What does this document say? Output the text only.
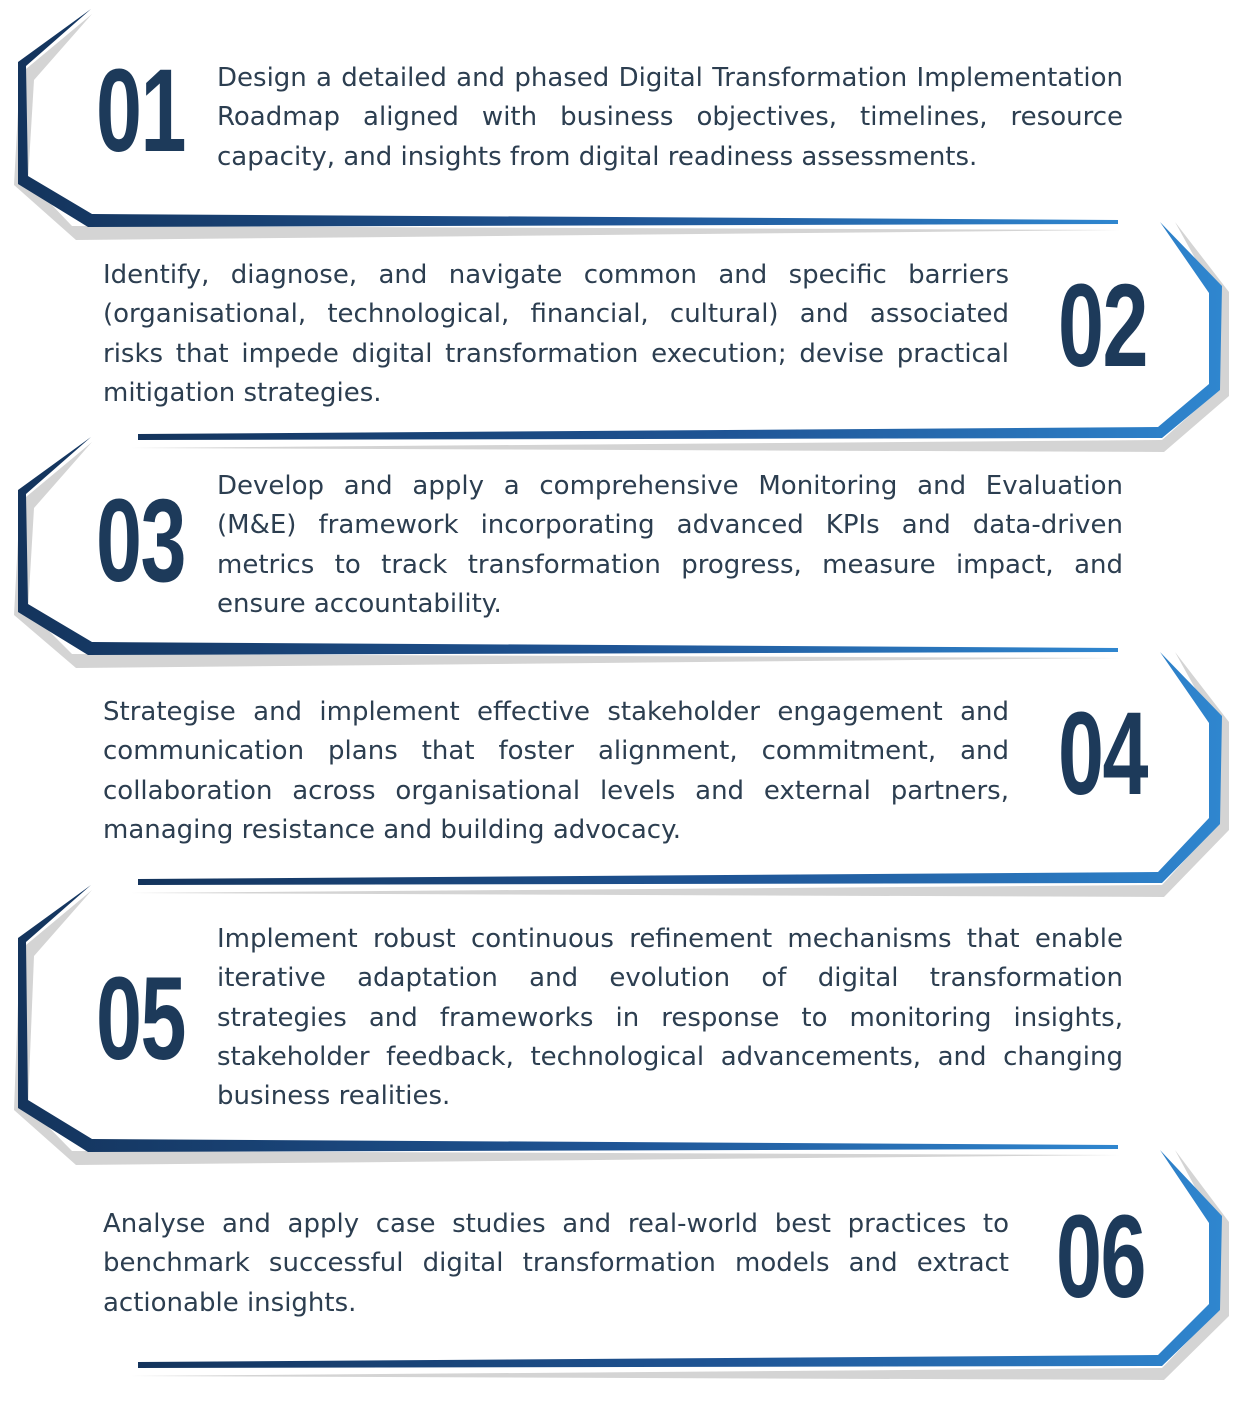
01 Design a detailed and phased Digital Transformation Implementation Roadmap aligned with business objectives, timelines, resource capacity, and insights from digital readiness assessments.

02

Identify, diagnose, and navigate common and specific barriers (organisational, technological, financial, cultural) and associated risks that impede digital transformation execution; devise practical mitigation strategies.

03 Develop and apply a comprehensive Monitoring and Evaluation (M&E) framework incorporating advanced KPIs and data-driven metrics to track transformation progress, measure impact, and ensure accountability.

04

Strategise and implement effective stakeholder engagement and communication plans that foster alignment, commitment, and collaboration across organisational levels and external partners, managing resistance and building advocacy.

05

Implement robust continuous refinement mechanisms that enable iterative adaptation and evolution of digital transformation strategies and frameworks in response to monitoring insights, stakeholder feedback, technological advancements, and changing business realities.

06

Analyse and apply case studies and real-world best practices to benchmark successful digital transformation models and extract actionable insights.
